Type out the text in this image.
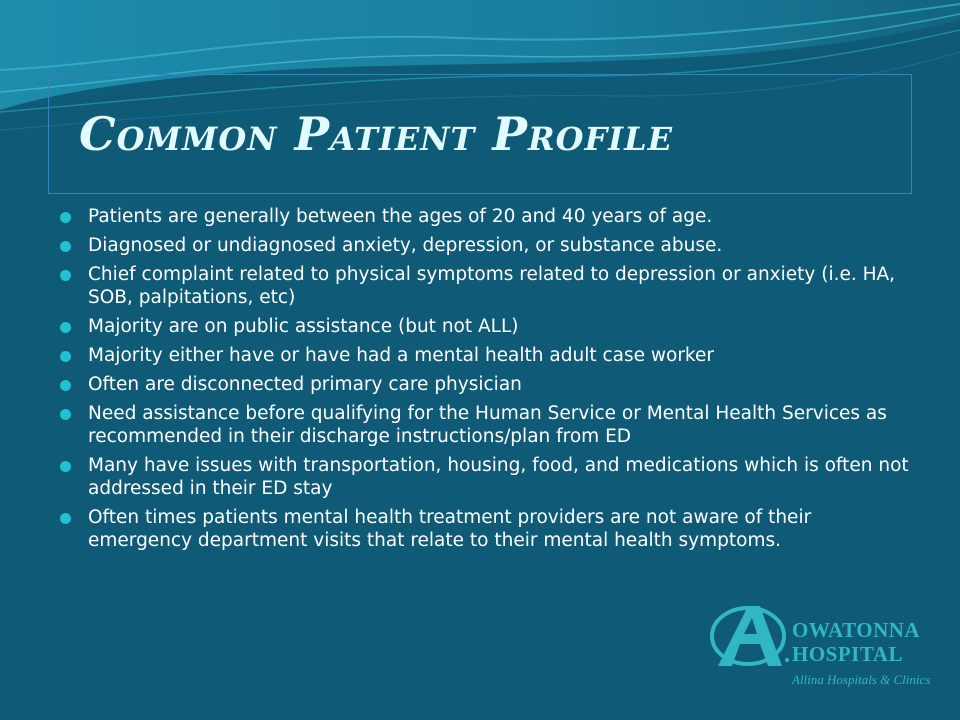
Common Patient Profile
Patients are generally between the ages of 20 and 40 years of age.
Diagnosed or undiagnosed anxiety, depression, or substance abuse.
Chief complaint related to physical symptoms related to depression or anxiety (i.e. HA, SOB, palpitations, etc)
Majority are on public assistance (but not ALL)
Majority either have or have had a mental health adult case worker
Often are disconnected primary care physician
Need assistance before qualifying for the Human Service or Mental Health Services as recommended in their discharge instructions/plan from ED
Many have issues with transportation, housing, food, and medications which is often not addressed in their ED stay
Often times patients mental health treatment providers are not aware of their emergency department visits that relate to their mental health symptoms.
OWATONNA
HOSPITAL
Allina Hospitals & Clinics
